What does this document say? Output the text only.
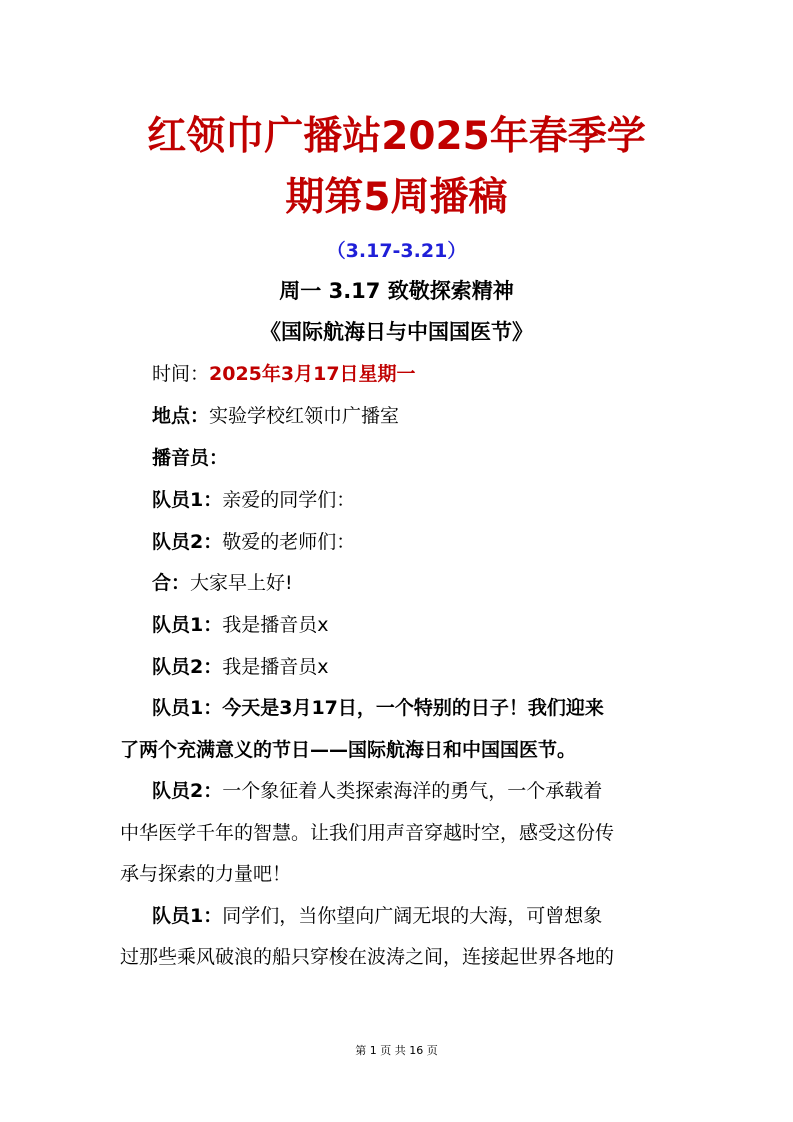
红领巾广播站2025年春季学
期第5周播稿
（3.17-3.21）
周一 3.17 致敬探索精神
《国际航海日与中国国医节》
时间：2025年3月17日星期一
地点：实验学校红领巾广播室
播音员：
队员1：亲爱的同学们：
队员2：敬爱的老师们：
合：大家早上好!
队员1：我是播音员x
队员2：我是播音员x
队员1：今天是3月17日，一个特别的日子！我们迎来
了两个充满意义的节日——国际航海日和中国国医节。
队员2：一个象征着人类探索海洋的勇气，一个承载着
中华医学千年的智慧。让我们用声音穿越时空，感受这份传
承与探索的力量吧！
队员1：同学们，当你望向广阔无垠的大海，可曾想象
过那些乘风破浪的船只穿梭在波涛之间，连接起世界各地的
第 1 页 共 16 页
